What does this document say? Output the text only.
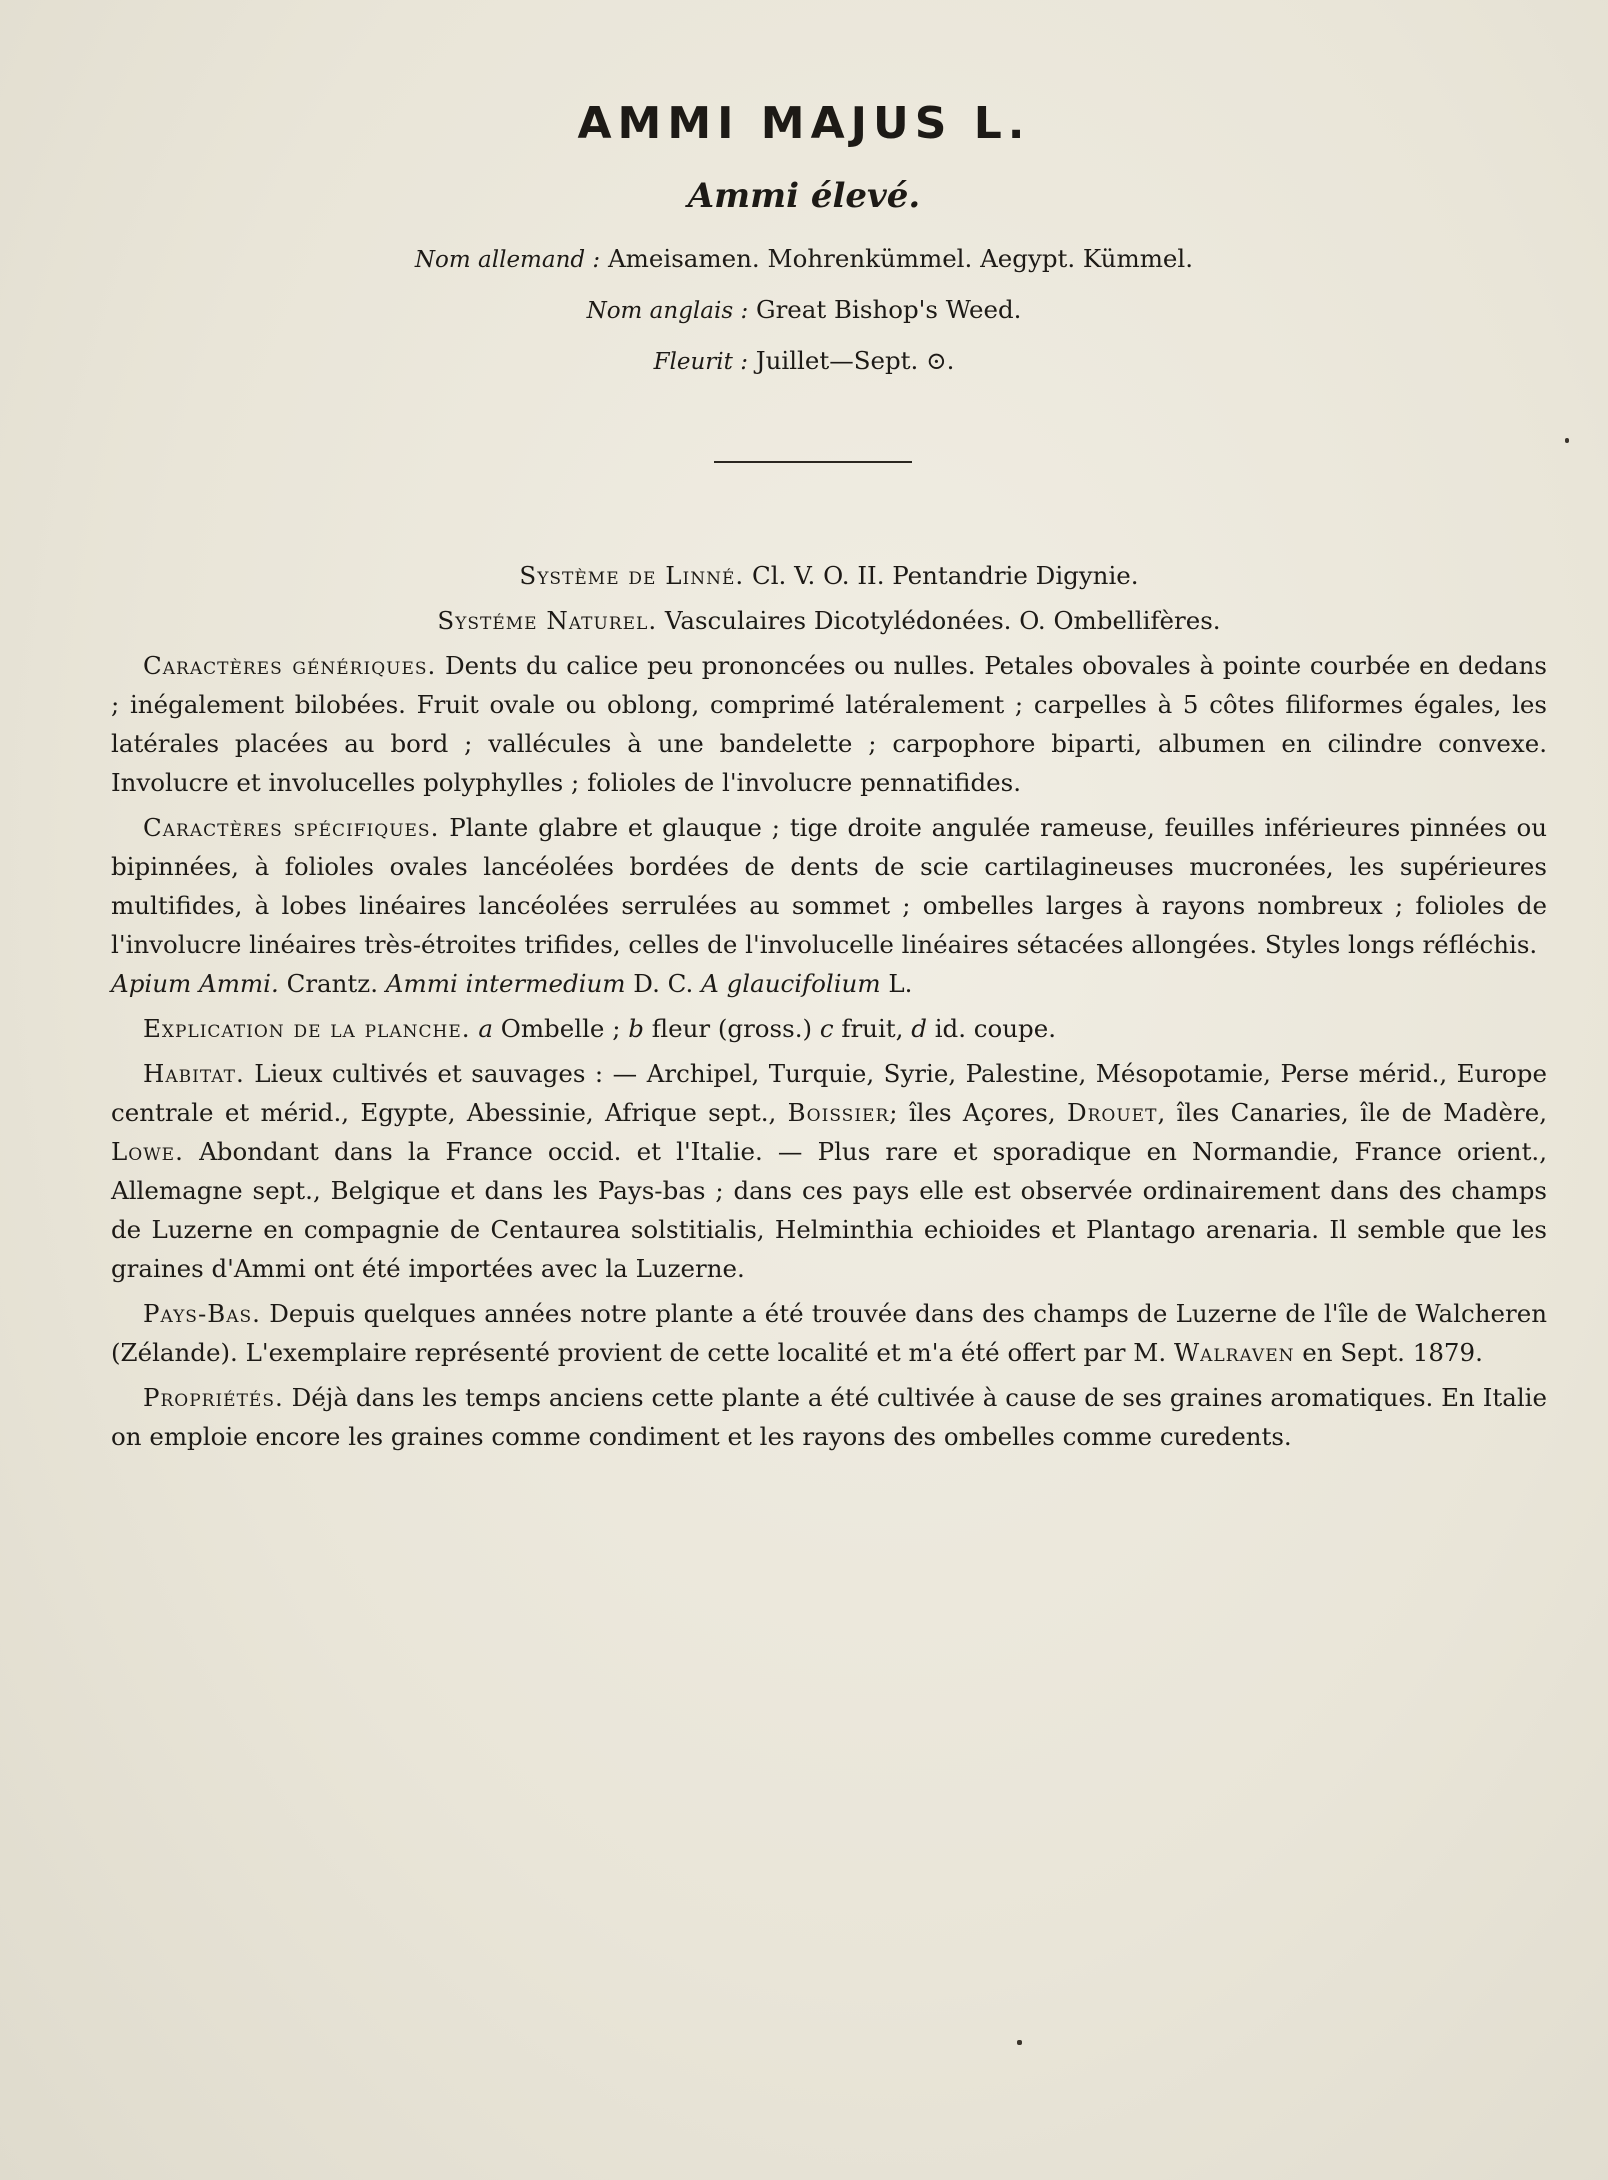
AMMI MAJUS L.
Ammi élevé.

Nom allemand : Ameisamen. Mohrenkümmel. Aegypt. Kümmel.

Nom anglais : Great Bishop's Weed.

Fleurit : Juillet—Sept. ⊙.

Système de Linné. Cl. V. O. II. Pentandrie Digynie.

Systéme Naturel. Vasculaires Dicotylédonées. O. Ombellifères.

Caractères génériques. Dents du calice peu prononcées ou nulles. Petales obovales à pointe courbée en dedans ; inégalement bilobées. Fruit ovale ou oblong, comprimé latéralement ; carpelles à 5 côtes filiformes égales, les latérales placées au bord ; vallécules à une bandelette ; carpophore biparti, albumen en cilindre convexe. Involucre et involucelles polyphylles ; folioles de l'involucre pennatifides.

Caractères spécifiques. Plante glabre et glauque ; tige droite angulée rameuse, feuilles inférieures pinnées ou bipinnées, à folioles ovales lancéolées bordées de dents de scie cartilagineuses mucronées, les supérieures multifides, à lobes linéaires lancéolées serrulées au sommet ; ombelles larges à rayons nombreux ; folioles de l'involucre linéaires très-étroites trifides, celles de l'involucelle linéaires sétacées allongées. Styles longs réfléchis.
Apium Ammi. Crantz. Ammi intermedium D. C. A glaucifolium L.

Explication de la planche. a Ombelle ; b fleur (gross.) c fruit, d id. coupe.

Habitat. Lieux cultivés et sauvages : — Archipel, Turquie, Syrie, Palestine, Mésopotamie, Perse mérid., Europe centrale et mérid., Egypte, Abessinie, Afrique sept., Boissier; îles Açores, Drouet, îles Canaries, île de Madère, Lowe. Abondant dans la France occid. et l'Italie. — Plus rare et sporadique en Normandie, France orient., Allemagne sept., Belgique et dans les Pays-bas ; dans ces pays elle est observée ordinairement dans des champs de Luzerne en compagnie de Centaurea solstitialis, Helminthia echioides et Plantago arenaria. Il semble que les graines d'Ammi ont été importées avec la Luzerne.

Pays-Bas. Depuis quelques années notre plante a été trouvée dans des champs de Luzerne de l'île de Walcheren (Zélande). L'exemplaire représenté provient de cette localité et m'a été offert par M. Walraven en Sept. 1879.

Propriétés. Déjà dans les temps anciens cette plante a été cultivée à cause de ses graines aromatiques. En Italie on emploie encore les graines comme condiment et les rayons des ombelles comme curedents.
